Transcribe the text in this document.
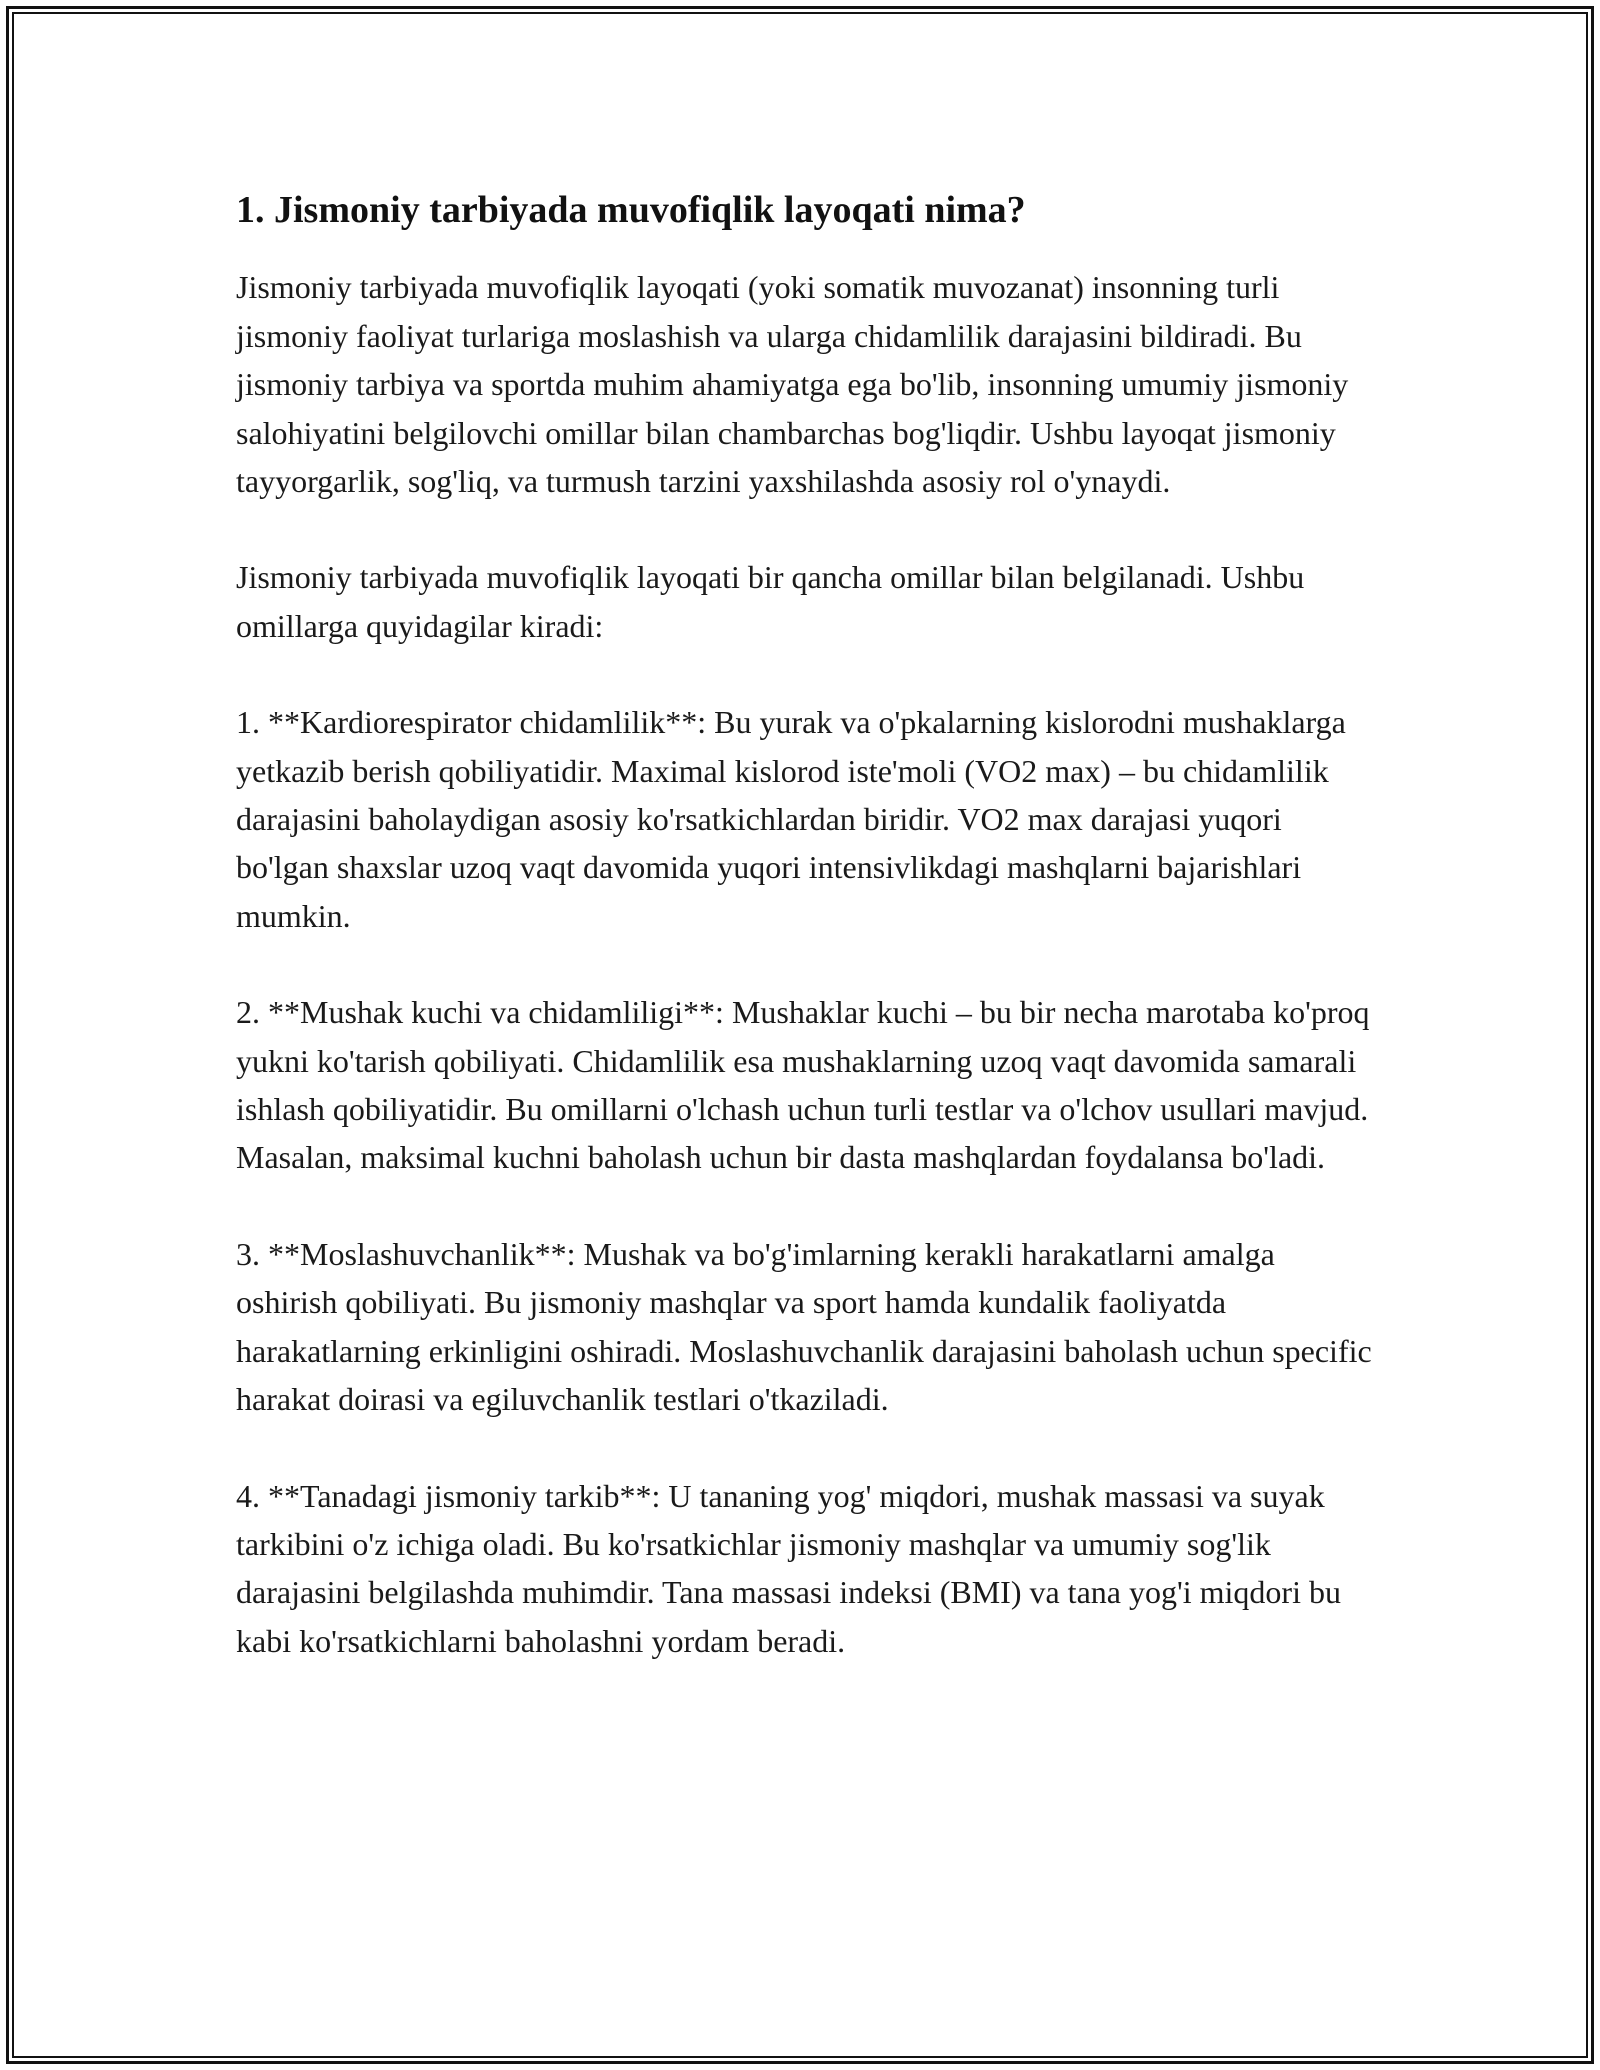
1. Jismoniy tarbiyada muvofiqlik layoqati nima?

Jismoniy tarbiyada muvofiqlik layoqati (yoki somatik muvozanat) insonning turli jismoniy faoliyat turlariga moslashish va ularga chidamlilik darajasini bildiradi. Bu jismoniy tarbiya va sportda muhim ahamiyatga ega bo'lib, insonning umumiy jismoniy salohiyatini belgilovchi omillar bilan chambarchas bog'liqdir. Ushbu layoqat jismoniy tayyorgarlik, sog'liq, va turmush tarzini yaxshilashda asosiy rol o'ynaydi.

Jismoniy tarbiyada muvofiqlik layoqati bir qancha omillar bilan belgilanadi. Ushbu omillarga quyidagilar kiradi:

1. **Kardiorespirator chidamlilik**: Bu yurak va o'pkalarning kislorodni mushaklarga yetkazib berish qobiliyatidir. Maximal kislorod iste'moli (VO2 max) – bu chidamlilik darajasini baholaydigan asosiy ko'rsatkichlardan biridir. VO2 max darajasi yuqori bo'lgan shaxslar uzoq vaqt davomida yuqori intensivlikdagi mashqlarni bajarishlari mumkin.

2. **Mushak kuchi va chidamliligi**: Mushaklar kuchi – bu bir necha marotaba ko'proq yukni ko'tarish qobiliyati. Chidamlilik esa mushaklarning uzoq vaqt davomida samarali ishlash qobiliyatidir. Bu omillarni o'lchash uchun turli testlar va o'lchov usullari mavjud. Masalan, maksimal kuchni baholash uchun bir dasta mashqlardan foydalansa bo'ladi.

3. **Moslashuvchanlik**: Mushak va bo'g'imlarning kerakli harakatlarni amalga oshirish qobiliyati. Bu jismoniy mashqlar va sport hamda kundalik faoliyatda harakatlarning erkinligini oshiradi. Moslashuvchanlik darajasini baholash uchun specific harakat doirasi va egiluvchanlik testlari o'tkaziladi.

4. **Tanadagi jismoniy tarkib**: U tananing yog' miqdori, mushak massasi va suyak tarkibini o'z ichiga oladi. Bu ko'rsatkichlar jismoniy mashqlar va umumiy sog'lik darajasini belgilashda muhimdir. Tana massasi indeksi (BMI) va tana yog'i miqdori bu kabi ko'rsatkichlarni baholashni yordam beradi.
